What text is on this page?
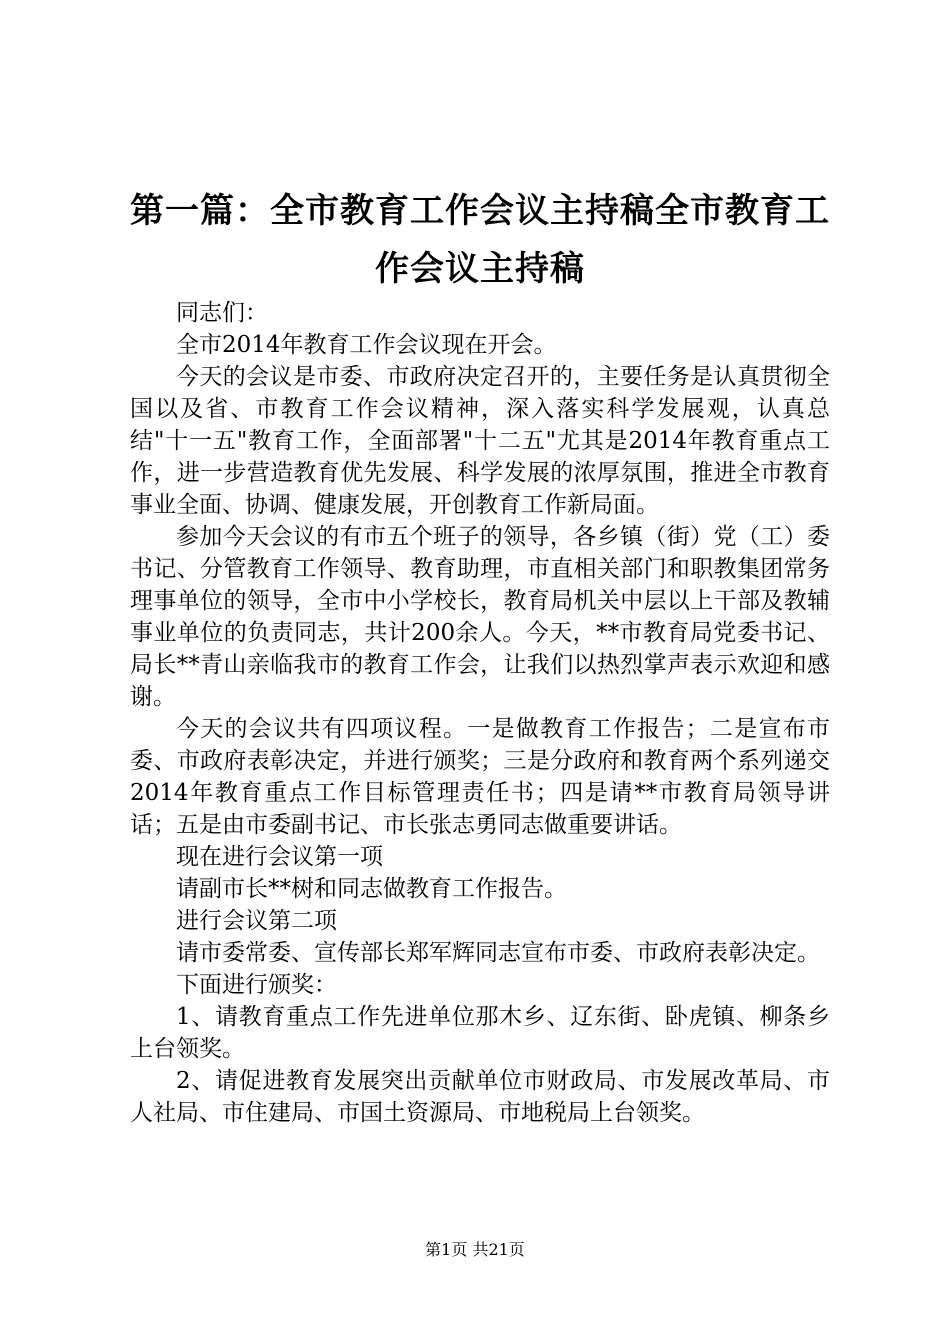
第一篇：全市教育工作会议主持稿全市教育工作会议主持稿

同志们：

全市2014年教育工作会议现在开会。

今天的会议是市委、市政府决定召开的，主要任务是认真贯彻全国以及省、市教育工作会议精神，深入落实科学发展观，认真总结"十一五"教育工作，全面部署"十二五"尤其是2014年教育重点工作，进一步营造教育优先发展、科学发展的浓厚氛围，推进全市教育事业全面、协调、健康发展，开创教育工作新局面。

参加今天会议的有市五个班子的领导，各乡镇（街）党（工）委书记、分管教育工作领导、教育助理，市直相关部门和职教集团常务理事单位的领导，全市中小学校长，教育局机关中层以上干部及教辅事业单位的负责同志，共计200余人。今天，**市教育局党委书记、局长**青山亲临我市的教育工作会，让我们以热烈掌声表示欢迎和感谢。

今天的会议共有四项议程。一是做教育工作报告；二是宣布市委、市政府表彰决定，并进行颁奖；三是分政府和教育两个系列递交2014年教育重点工作目标管理责任书；四是请**市教育局领导讲话；五是由市委副书记、市长张志勇同志做重要讲话。

现在进行会议第一项

请副市长**树和同志做教育工作报告。

进行会议第二项

请市委常委、宣传部长郑军辉同志宣布市委、市政府表彰决定。

下面进行颁奖：

1、请教育重点工作先进单位那木乡、辽东街、卧虎镇、柳条乡上台领奖。

2、请促进教育发展突出贡献单位市财政局、市发展改革局、市人社局、市住建局、市国土资源局、市地税局上台领奖。

第1页 共21页
